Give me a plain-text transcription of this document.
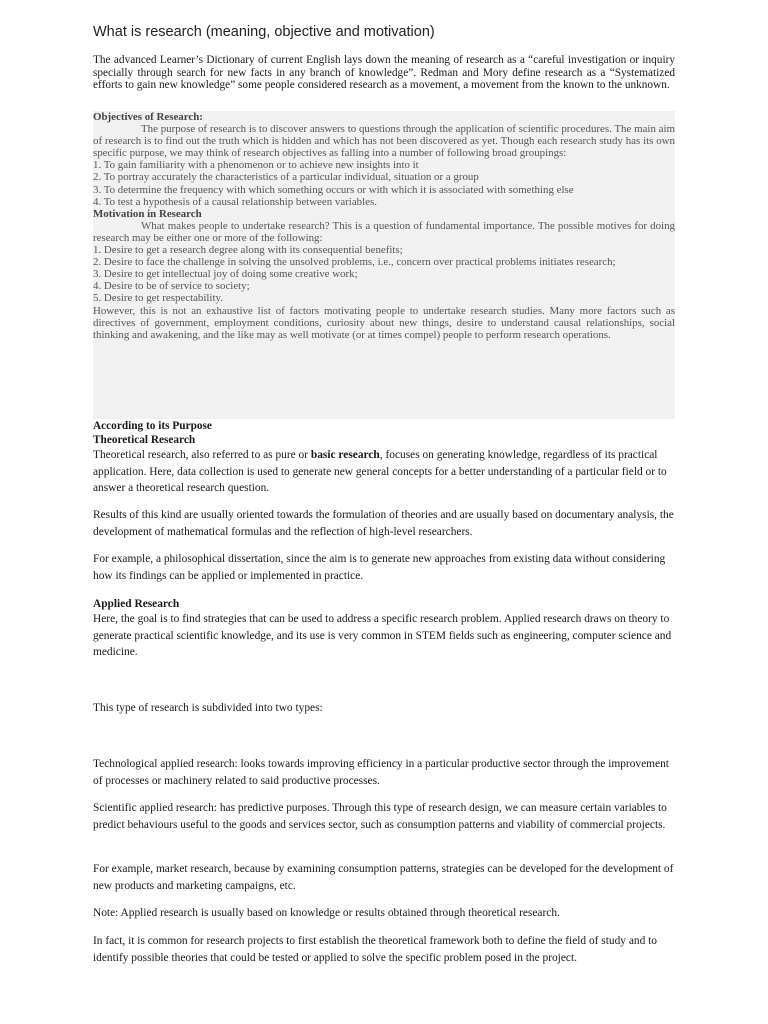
What is research (meaning, objective and motivation)

The advanced Learner’s Dictionary of current English lays down the meaning of research as a “careful investigation or inquiry specially through search for new facts in any branch of knowledge”. Redman and Mory define research as a “Systematized efforts to gain new knowledge” some people considered research as a movement, a movement from the known to the unknown.

Objectives of Research:

The purpose of research is to discover answers to questions through the application of scientific procedures. The main aim of research is to find out the truth which is hidden and which has not been discovered as yet. Though each research study has its own specific purpose, we may think of research objectives as falling into a number of following broad groupings:

1. To gain familiarity with a phenomenon or to achieve new insights into it

2. To portray accurately the characteristics of a particular individual, situation or a group

3. To determine the frequency with which something occurs or with which it is associated with something else

4. To test a hypothesis of a causal relationship between variables.

Motivation in Research

What makes people to undertake research? This is a question of fundamental importance. The possible motives for doing research may be either one or more of the following:

1. Desire to get a research degree along with its consequential benefits;

2. Desire to face the challenge in solving the unsolved problems, i.e., concern over practical problems initiates research;

3. Desire to get intellectual joy of doing some creative work;

4. Desire to be of service to society;

5. Desire to get respectability.

However, this is not an exhaustive list of factors motivating people to undertake research studies. Many more factors such as directives of government, employment conditions, curiosity about new things, desire to understand causal relationships, social thinking and awakening, and the like may as well motivate (or at times compel) people to perform research operations.

According to its Purpose

Theoretical Research

Theoretical research, also referred to as pure or basic research, focuses on generating knowledge, regardless of its practical application. Here, data collection is used to generate new general concepts for a better understanding of a particular field or to answer a theoretical research question.

Results of this kind are usually oriented towards the formulation of theories and are usually based on documentary analysis, the development of mathematical formulas and the reflection of high-level researchers.

For example, a philosophical dissertation, since the aim is to generate new approaches from existing data without considering how its findings can be applied or implemented in practice.

Applied Research

Here, the goal is to find strategies that can be used to address a specific research problem. Applied research draws on theory to generate practical scientific knowledge, and its use is very common in STEM fields such as engineering, computer science and medicine.

This type of research is subdivided into two types:

Technological applied research: looks towards improving efficiency in a particular productive sector through the improvement of processes or machinery related to said productive processes.

Scientific applied research: has predictive purposes. Through this type of research design, we can measure certain variables to predict behaviours useful to the goods and services sector, such as consumption patterns and viability of commercial projects.

For example, market research, because by examining consumption patterns, strategies can be developed for the development of new products and marketing campaigns, etc.

Note: Applied research is usually based on knowledge or results obtained through theoretical research.

In fact, it is common for research projects to first establish the theoretical framework both to define the field of study and to identify possible theories that could be tested or applied to solve the specific problem posed in the project.
